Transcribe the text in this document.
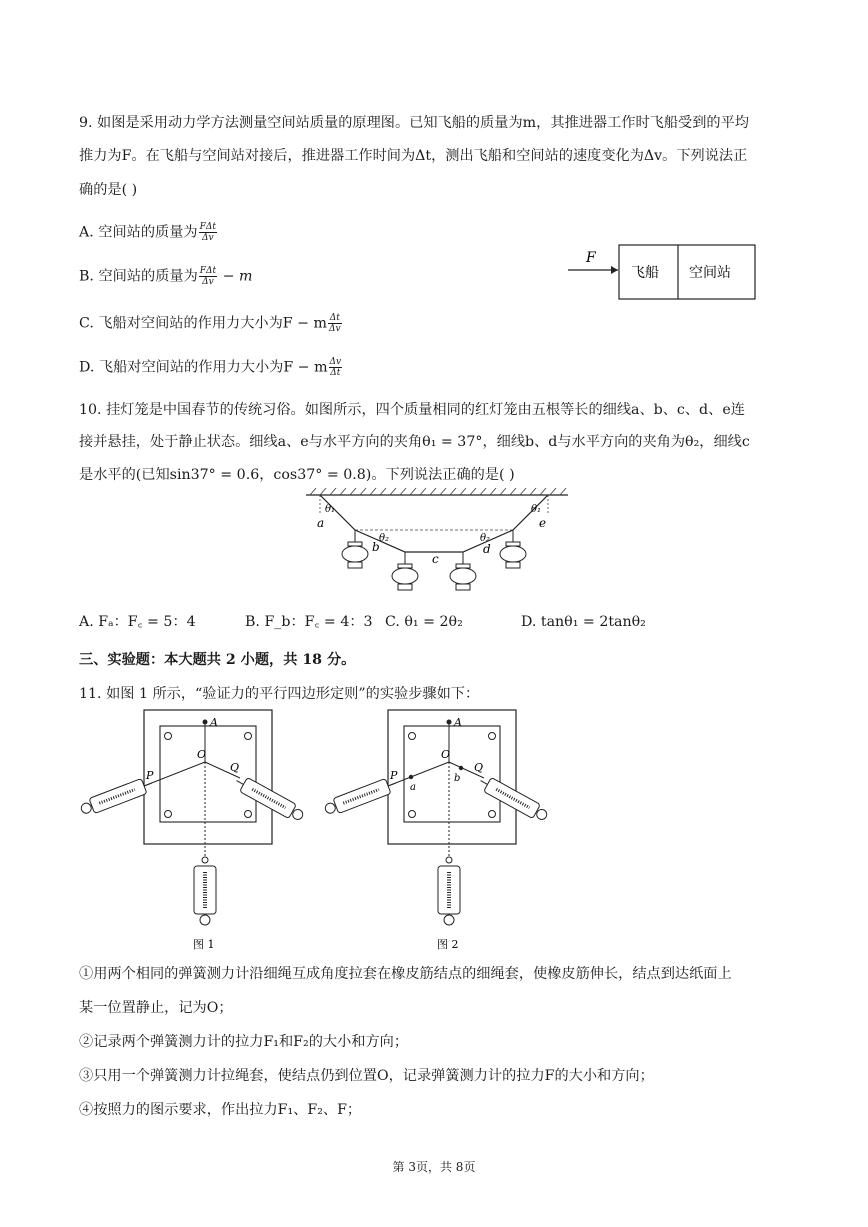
9. 如图是采用动力学方法测量空间站质量的原理图。已知飞船的质量为m，其推进器工作时飞船受到的平均
推力为F。在飞船与空间站对接后，推进器工作时间为Δt，测出飞船和空间站的速度变化为Δv。下列说法正
确的是( )
A. 空间站的质量为 $\frac{\text{FΔt}}{\Delta v}$
B. 空间站的质量为 $\frac{\text{FΔt}}{\Delta v} - m$
C. 飞船对空间站的作用力大小为F − m $\frac{\Delta t}{\Delta v}$
D. 飞船对空间站的作用力大小为F − m $\frac{\Delta v}{\Delta t}$
F
飞船 空间站
10. 挂灯笼是中国春节的传统习俗。如图所示，四个质量相同的红灯笼由五根等长的细线a、b、c、d、e连
接并悬挂，处于静止状态。细线a、e与水平方向的夹角θ₁ = 37°，细线b、d与水平方向的夹角为θ₂，细线c
是水平的(已知sin37° = 0.6，cos37° = 0.8)。下列说法正确的是( )
θ₁	θ₁
θ₂	θ₂
a
b
c
d
e
A. Fₐ：F꜀ = 5：4	B. F_b：F꜀ = 4：3 C. θ₁ = 2θ₂	D. tanθ₁ = 2tanθ₂
三、实验题：本大题共 2 小题，共 18 分。
11. 如图 1 所示，“验证力的平行四边形定则”的实验步骤如下：
A
O
P
Q
图 1
A
O
P
Q
a
b
图 2
①用两个相同的弹簧测力计沿细绳互成角度拉套在橡皮筋结点的细绳套，使橡皮筋伸长，结点到达纸面上
某一位置静止，记为O；
②记录两个弹簧测力计的拉力F₁和F₂的大小和方向；
③只用一个弹簧测力计拉绳套，使结点仍到位置O，记录弹簧测力计的拉力F的大小和方向；
④按照力的图示要求，作出拉力F₁、F₂、F；
第 3页，共 8页
